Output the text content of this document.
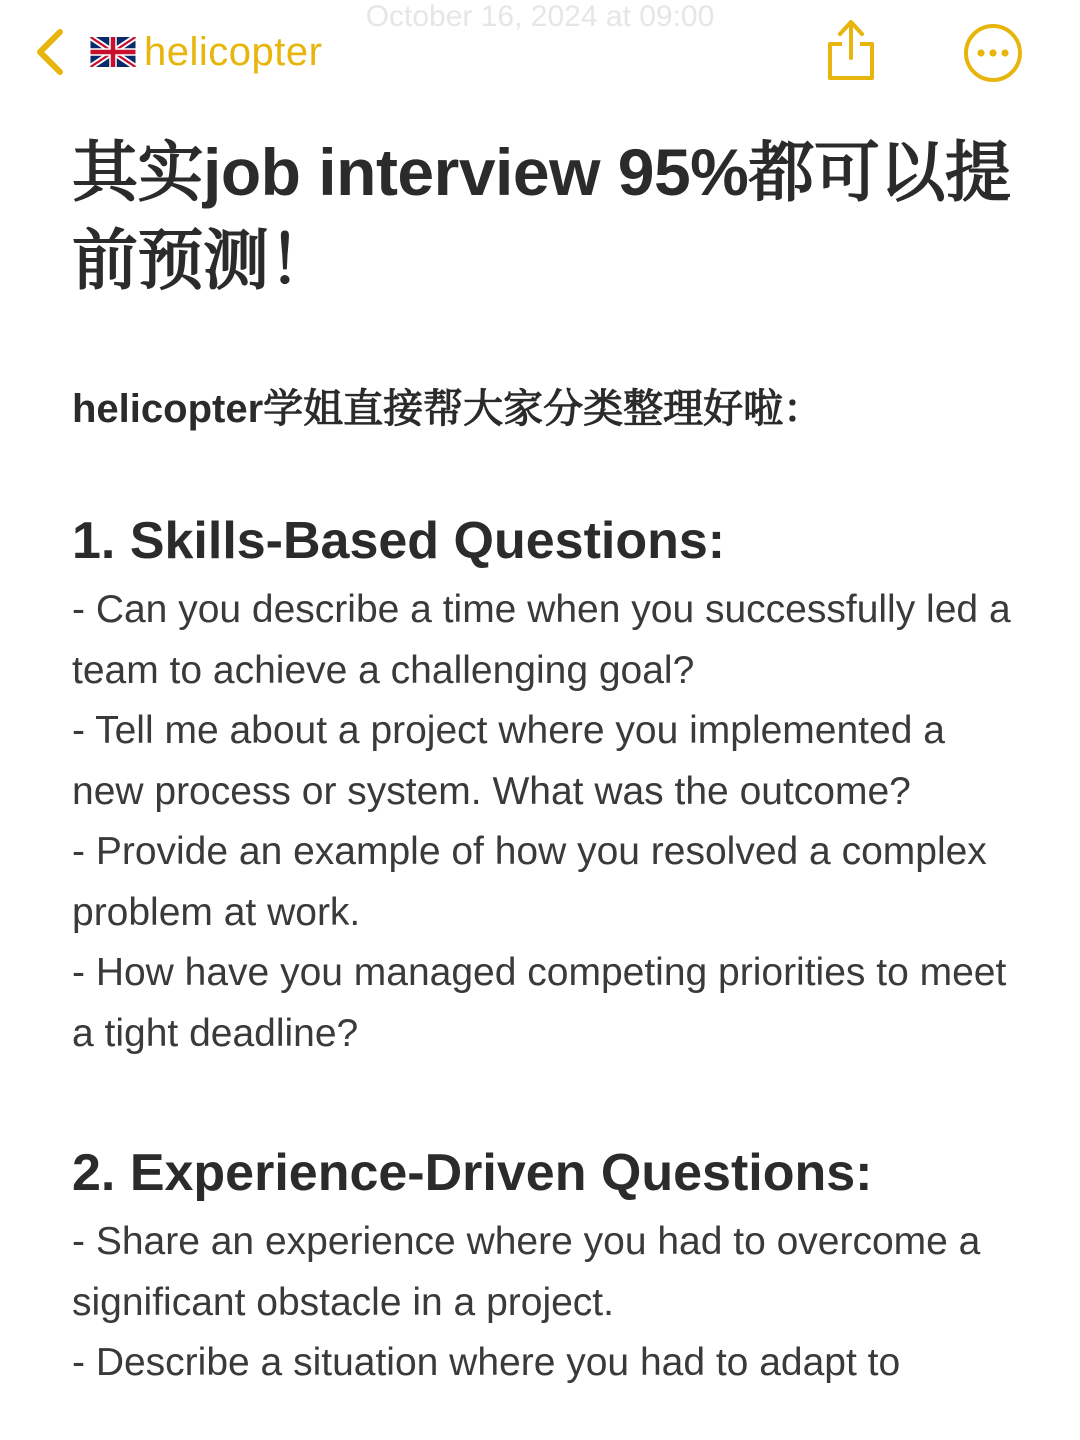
October 16, 2024 at 09:00
helicopter
其实job interview 95%都可以提前预测！
helicopter学姐直接帮大家分类整理好啦：
1. Skills-Based Questions:

- Can you describe a time when you successfully led a team to achieve a challenging goal?

- Tell me about a project where you implemented a new process or system. What was the outcome?

- Provide an example of how you resolved a complex problem at work.

- How have you managed competing priorities to meet a tight deadline?

2. Experience-Driven Questions:

- Share an experience where you had to overcome a significant obstacle in a project.

- Describe a situation where you had to adapt to
